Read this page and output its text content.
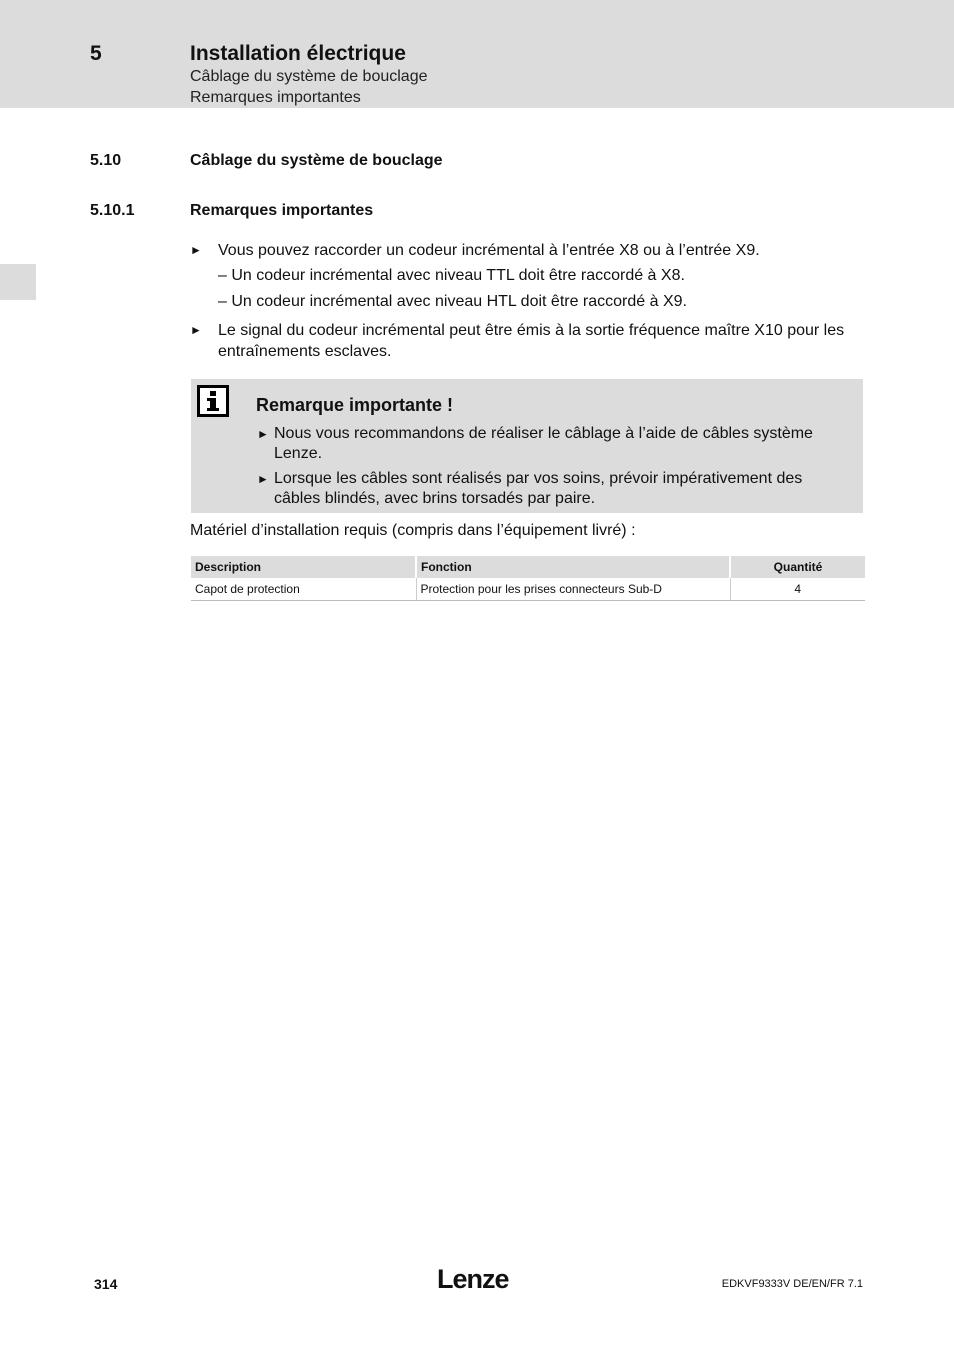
5	Installation électrique
Câblage du système de bouclage
Remarques importantes
5.10	Câblage du système de bouclage
5.10.1	Remarques importantes
► Vous pouvez raccorder un codeur incrémental à l’entrée X8 ou à l’entrée X9.
– Un codeur incrémental avec niveau TTL doit être raccordé à X8.
– Un codeur incrémental avec niveau HTL doit être raccordé à X9.
► Le signal du codeur incrémental peut être émis à la sortie fréquence maître X10 pour les entraînements esclaves.
Remarque importante !
► Nous vous recommandons de réaliser le câblage à l’aide de câbles système Lenze.
► Lorsque les câbles sont réalisés par vos soins, prévoir impérativement des câbles blindés, avec brins torsadés par paire.
Matériel d’installation requis (compris dans l’équipement livré) :
Description	Fonction	Quantité
Capot de protection	Protection pour les prises connecteurs Sub-D	4
314	Lenze	EDKVF9333V DE/EN/FR 7.1
